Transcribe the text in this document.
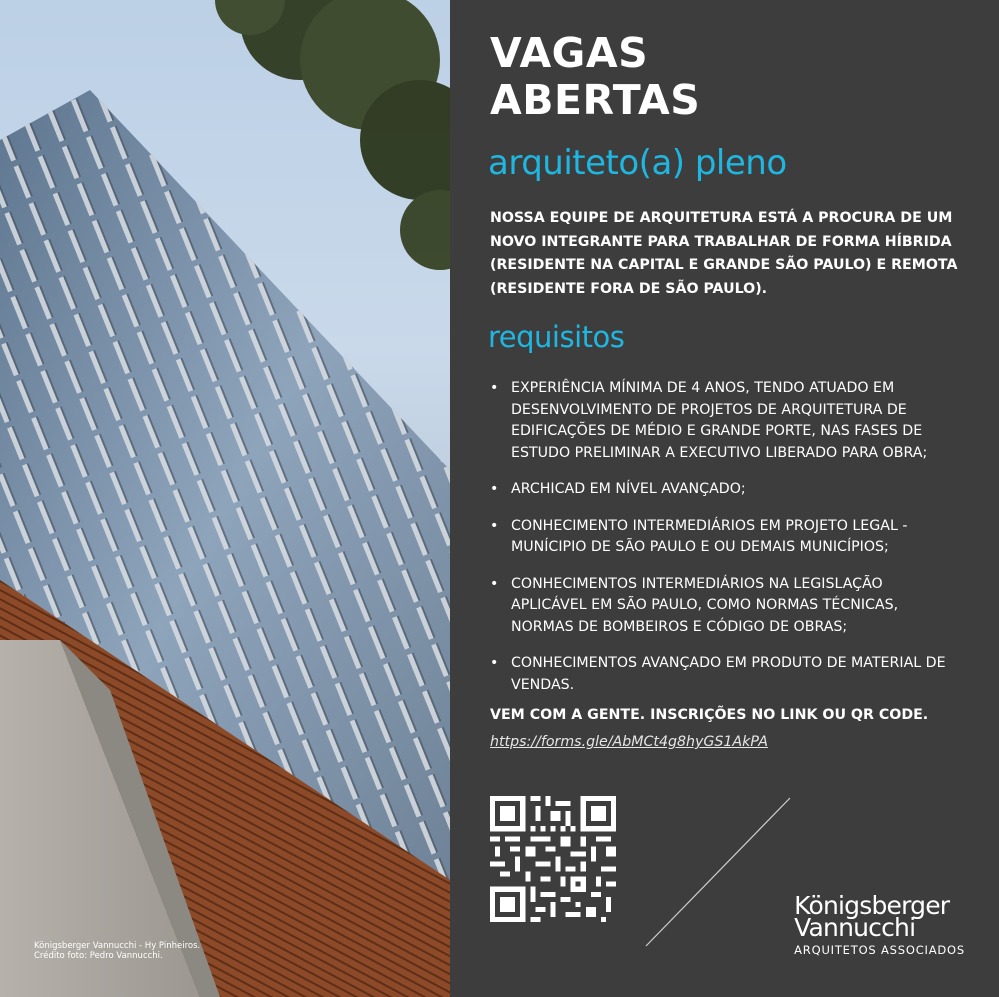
Königsberger Vannucchi - Hy Pinheiros.
Crédito foto: Pedro Vannucchi.
VAGAS
ABERTAS
arquiteto(a) pleno

NOSSA EQUIPE DE ARQUITETURA ESTÁ A PROCURA DE UM NOVO INTEGRANTE PARA TRABALHAR DE FORMA HÍBRIDA (RESIDENTE NA CAPITAL E GRANDE SÃO PAULO) E REMOTA (RESIDENTE FORA DE SÃO PAULO).

requisitos
• EXPERIÊNCIA MÍNIMA DE 4 ANOS, TENDO ATUADO EM DESENVOLVIMENTO DE PROJETOS DE ARQUITETURA DE EDIFICAÇÕES DE MÉDIO E GRANDE PORTE, NAS FASES DE ESTUDO PRELIMINAR A EXECUTIVO LIBERADO PARA OBRA;
• ARCHICAD EM NÍVEL AVANÇADO;
• CONHECIMENTO INTERMEDIÁRIOS EM PROJETO LEGAL - MUNÍCIPIO DE SÃO PAULO E OU DEMAIS MUNICÍPIOS;
• CONHECIMENTOS INTERMEDIÁRIOS NA LEGISLAÇÃO APLICÁVEL EM SÃO PAULO, COMO NORMAS TÉCNICAS, NORMAS DE BOMBEIROS E CÓDIGO DE OBRAS;
• CONHECIMENTOS AVANÇADO EM PRODUTO DE MATERIAL DE VENDAS.
VEM COM A GENTE. INSCRIÇÕES NO LINK OU QR CODE.
https://forms.gle/AbMCt4g8hyGS1AkPA
Königsberger
Vannucchi
ARQUITETOS ASSOCIADOS
